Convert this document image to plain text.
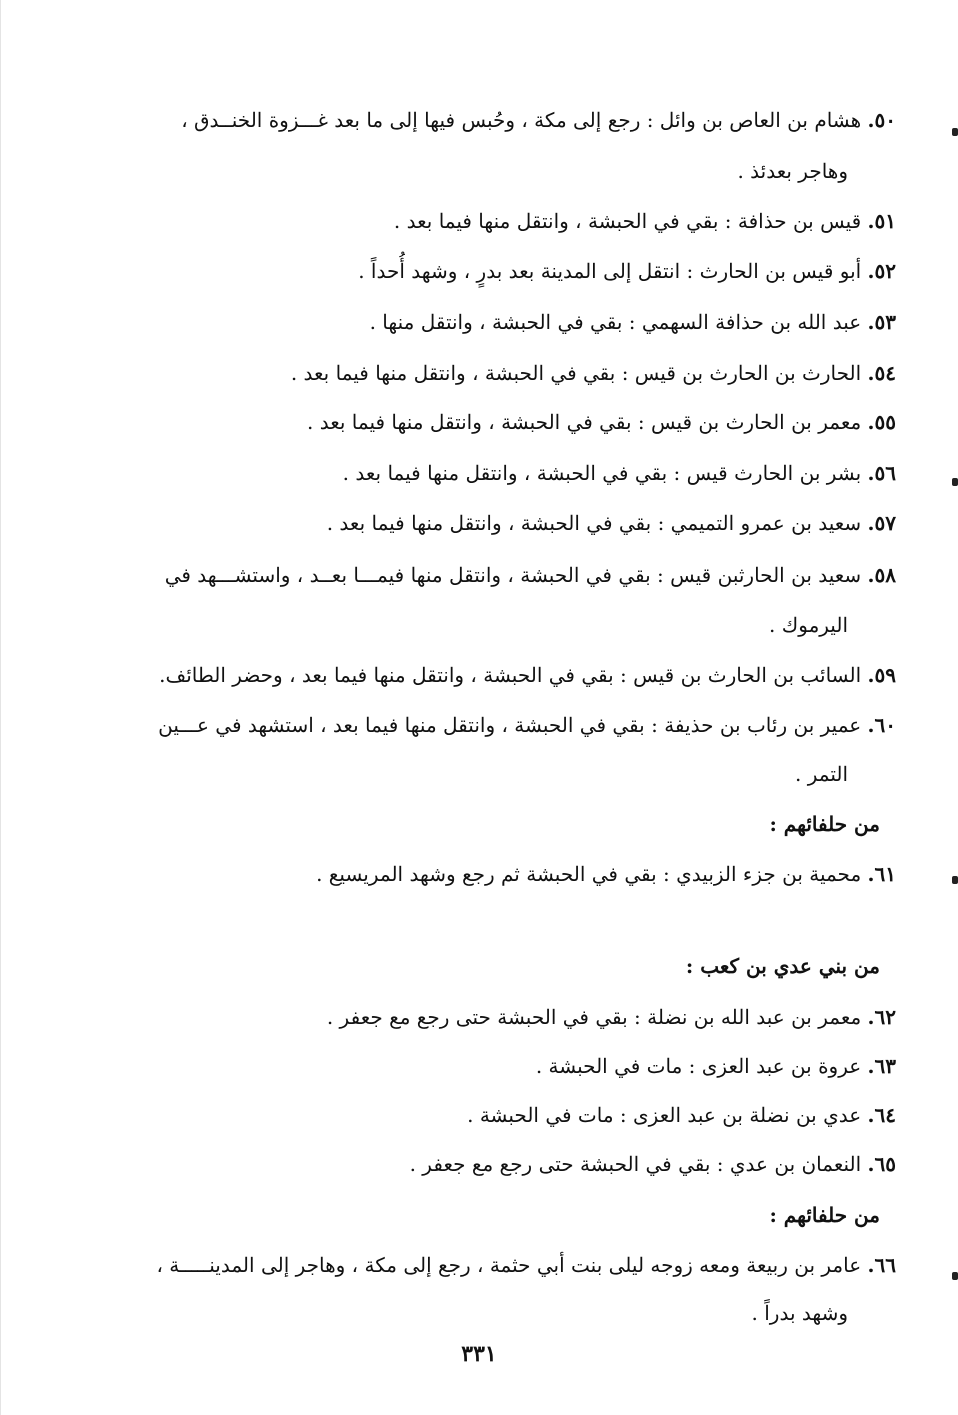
٥٠. هشام بن العاص بن وائل : رجع إلى مكة ، وحُبس فيها إلى ما بعد غـــزوة الخنــدق ،
وهاجر بعدئذ .
٥١. قيس بن حذافة : بقي في الحبشة ، وانتقل منها فيما بعد .
٥٢. أبو قيس بن الحارث : انتقل إلى المدينة بعد بدرٍ ، وشهد أُحداً .
٥٣. عبد الله بن حذافة السهمي : بقي في الحبشة ، وانتقل منها .
٥٤. الحارث بن الحارث بن قيس : بقي في الحبشة ، وانتقل منها فيما بعد .
٥٥. معمر بن الحارث بن قيس : بقي في الحبشة ، وانتقل منها فيما بعد .
٥٦. بشر بن الحارث قيس : بقي في الحبشة ، وانتقل منها فيما بعد .
٥٧. سعيد بن عمرو التميمي : بقي في الحبشة ، وانتقل منها فيما بعد .
٥٨. سعيد بن الحارثبن قيس : بقي في الحبشة ، وانتقل منها فيمـــا بعــد ، واستشـــهد في
اليرموك .
٥٩. السائب بن الحارث بن قيس : بقي في الحبشة ، وانتقل منها فيما بعد ، وحضر الطائف.
٦٠. عمير بن رئاب بن حذيفة : بقي في الحبشة ، وانتقل منها فيما بعد ، استشهد في عـــين
التمر .
من حلفائهم :
٦١. محمية بن جزء الزبيدي : بقي في الحبشة ثم رجع وشهد المريسيع .
من بني عدي بن كعب :
٦٢. معمر بن عبد الله بن نضلة : بقي في الحبشة حتى رجع مع جعفر .
٦٣. عروة بن عبد العزى : مات في الحبشة .
٦٤. عدي بن نضلة بن عبد العزى : مات في الحبشة .
٦٥. النعمان بن عدي : بقي في الحبشة حتى رجع مع جعفر .
من حلفائهم :
٦٦. عامر بن ربيعة ومعه زوجه ليلى بنت أبي حثمة ، رجع إلى مكة ، وهاجر إلى المدينـــــة ،
وشهد بدراً .
٣٣١
